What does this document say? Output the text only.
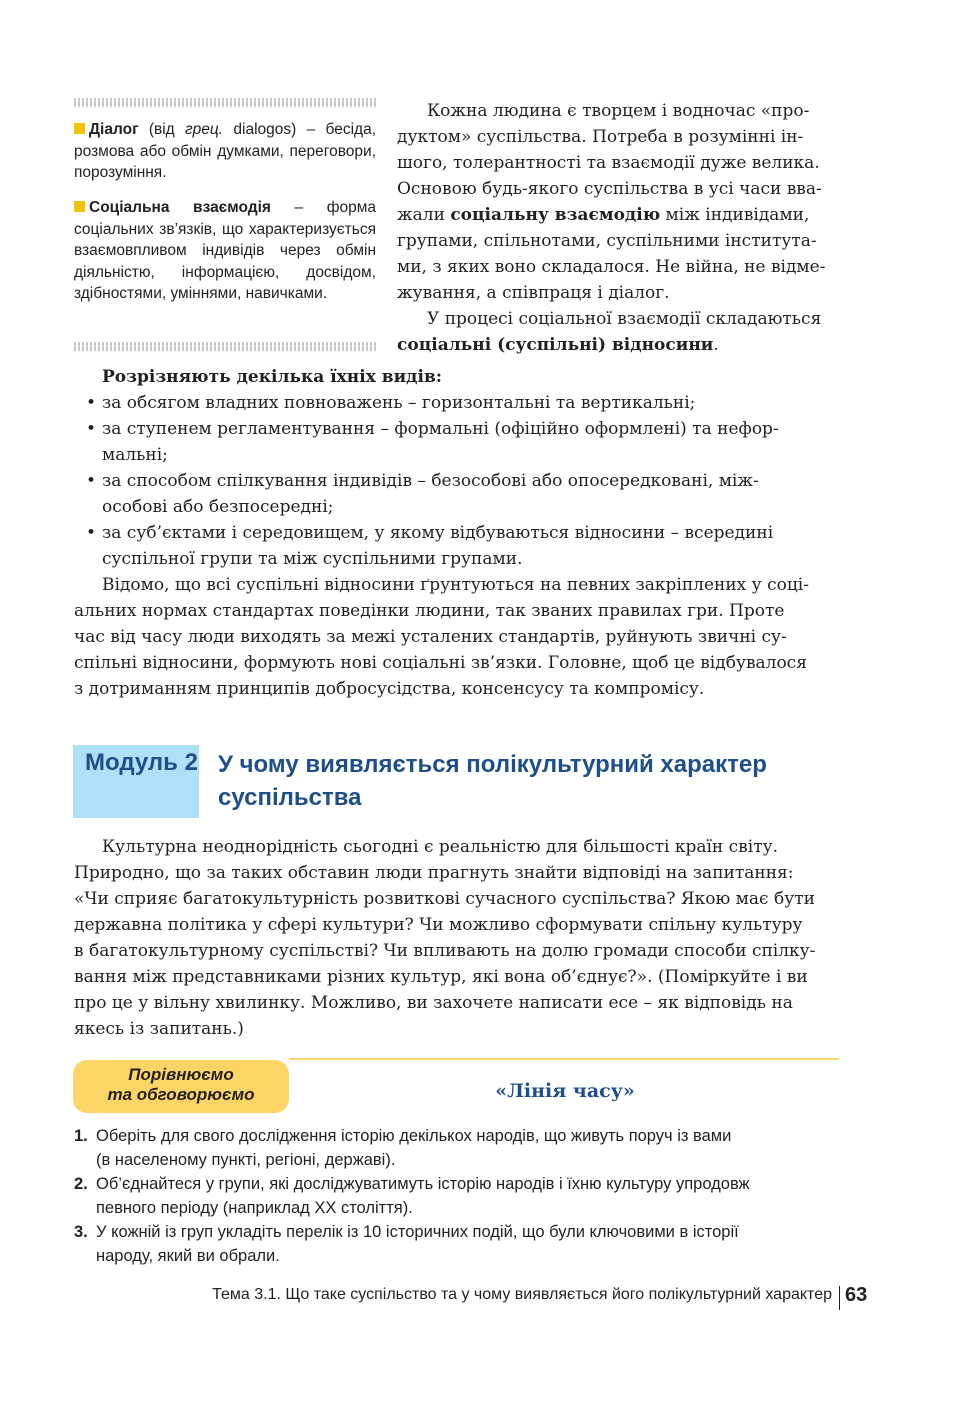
Діалог (від грец. dialogos) – бесіда, розмова або обмін думками, переговори, порозуміння.
Соціальна взаємодія – форма соціальних зв’язків, що характеризується взаємовпливом індивідів через обмін діяльністю, інформацією, досвідом, здібностями, уміннями, навичками.
Кожна людина є творцем і водночас «про-
дуктом» суспільства. Потреба в розумінні ін-
шого, толерантності та взаємодії дуже велика.
Основою будь-якого суспільства в усі часи вва-
жали соціальну взаємодію між індивідами,
групами, спільнотами, суспільними інститута-
ми, з яких воно складалося. Не війна, не відме-
жування, а співпраця і діалог.
У процесі соціальної взаємодії складаються
соціальні (суспільні) відносини.
Розрізняють декілька їхніх видів:
• за обсягом владних повноважень – горизонтальні та вертикальні;
• за ступенем регламентування – формальні (офіційно оформлені) та нефор-
мальні;
• за способом спілкування індивідів – безособові або опосередковані, між-
особові або безпосередні;
• за суб’єктами і середовищем, у якому відбуваються відносини – всередині
суспільної групи та між суспільними групами.
Відомо, що всі суспільні відносини ґрунтуються на певних закріплених у соці-
альних нормах стандартах поведінки людини, так званих правилах гри. Проте
час від часу люди виходять за межі усталених стандартів, руйнують звичні су-
спільні відносини, формують нові соціальні зв’язки. Головне, щоб це відбувалося
з дотриманням принципів добросусідства, консенсусу та компромісу.
Модуль 2 У чому виявляється полікультурний характер
суспільства
Культурна неоднорідність сьогодні є реальністю для більшості країн світу.
Природно, що за таких обставин люди прагнуть знайти відповіді на запитання:
«Чи сприяє багатокультурність розвиткові сучасного суспільства? Якою має бути
державна політика у сфері культури? Чи можливо сформувати спільну культуру
в багатокультурному суспільстві? Чи впливають на долю громади способи спілку-
вання між представниками різних культур, які вона об’єднує?». (Поміркуйте і ви
про це у вільну хвилинку. Можливо, ви захочете написати есе – як відповідь на
якесь із запитань.)
Порівнюємо
та обговорюємо	«Лінія часу»
1. Оберіть для свого дослідження історію декількох народів, що живуть поруч із вами
(в населеному пункті, регіоні, державі).
2. Об’єднайтеся у групи, які досліджуватимуть історію народів і їхню культуру упродовж
певного періоду (наприклад XX століття).
3. У кожній із груп укладіть перелік із 10 історичних подій, що були ключовими в історії
народу, який ви обрали.
Тема 3.1. Що таке суспільство та у чому виявляється його полікультурний характер 63
